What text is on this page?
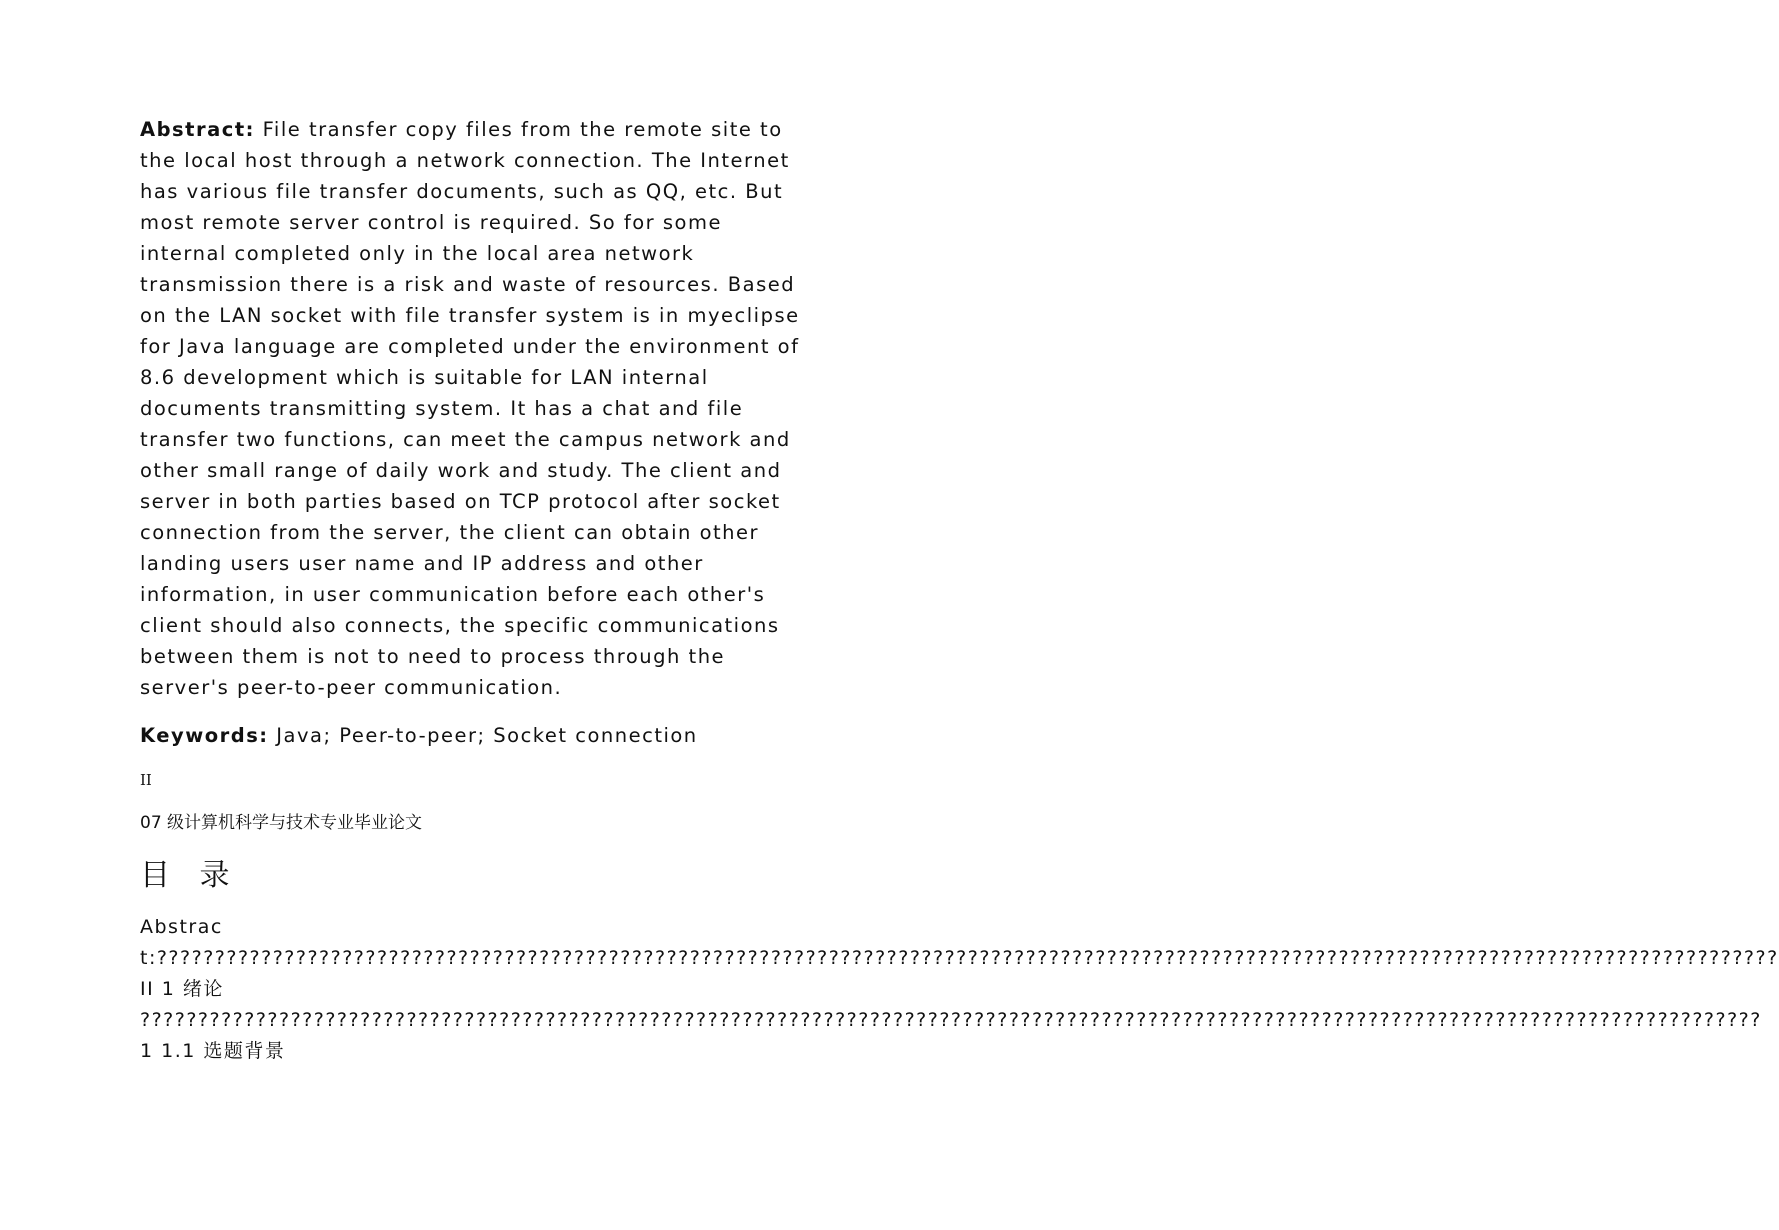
Abstract: File transfer copy files from the remote site to the local host through a network connection. The Internet has various file transfer documents, such as QQ, etc. But most remote server control is required. So for some internal completed only in the local area network transmission there is a risk and waste of resources. Based on the LAN socket with file transfer system is in myeclipse for Java language are completed under the environment of 8.6 development which is suitable for LAN internal documents transmitting system. It has a chat and file transfer two functions, can meet the campus network and other small range of daily work and study. The client and server in both parties based on TCP protocol after socket connection from the server, the client can obtain other landing users user name and IP address and other information, in user communication before each other's client should also connects, the specific communications between them is not to need to process through the server's peer-to-peer communication.

Keywords: Java; Peer-to-peer; Socket connection

II
07 级计算机科学与技术专业毕业论文
目 录
Abstract:???????????????????????????????????????????????????????????????????????????????????????????????????????????????????????????????????????????? II 1 绪论 ???????????????????????????????????????????????????????????????????????????????????????????????????????????????????????????????????????????? 1 1.1 选题背景
